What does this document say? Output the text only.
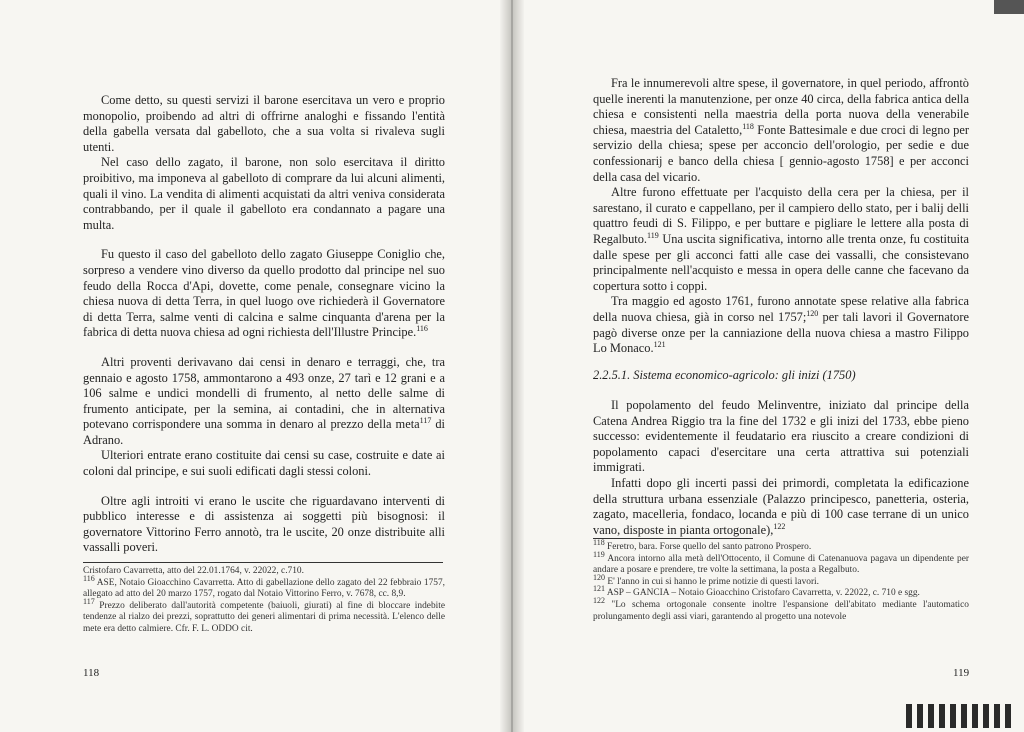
Come detto, su questi servizi il barone esercitava un vero e proprio monopolio, proibendo ad altri di offrirne analoghi e fissando l'entità della gabella versata dal gabelloto, che a sua volta si rivaleva sugli utenti.

Nel caso dello zagato, il barone, non solo esercitava il diritto proibitivo, ma imponeva al gabelloto di comprare da lui alcuni alimenti, quali il vino. La vendita di alimenti acquistati da altri veniva considerata contrabbando, per il quale il gabelloto era condannato a pagare una multa.

Fu questo il caso del gabelloto dello zagato Giuseppe Coniglio che, sorpreso a vendere vino diverso da quello prodotto dal principe nel suo feudo della Rocca d'Api, dovette, come penale, consegnare vicino la chiesa nuova di detta Terra, in quel luogo ove richiederà il Governatore di detta Terra, salme venti di calcina e salme cinquanta d'arena per la fabrica di detta nuova chiesa ad ogni richiesta dell'Illustre Principe.$^{116}$

Altri proventi derivavano dai censi in denaro e terraggi, che, tra gennaio e agosto 1758, ammontarono a 493 onze, 27 tarì e 12 grani e a 106 salme e undici mondelli di frumento, al netto delle salme di frumento anticipate, per la semina, ai contadini, che in alternativa potevano corrispondere una somma in denaro al prezzo della meta$^{117}$ di Adrano.

Ulteriori entrate erano costituite dai censi su case, costruite e date ai coloni dal principe, e sui suoli edificati dagli stessi coloni.

Oltre agli introiti vi erano le uscite che riguardavano interventi di pubblico interesse e di assistenza ai soggetti più bisognosi: il governatore Vittorino Ferro annotò, tra le uscite, 20 onze distribuite alli vassalli poveri.

Cristofaro Cavarretta, atto del 22.01.1764, v. 22022, c.710.
$^{116}$ ASE, Notaio Gioacchino Cavarretta. Atto di gabellazione dello zagato del 22 febbraio 1757, allegato ad atto del 20 marzo 1757, rogato dal Notaio Vittorino Ferro, v. 7678, cc. 8,9.
$^{117}$ Prezzo deliberato dall'autorità competente (baiuoli, giurati) al fine di bloccare indebite tendenze al rialzo dei prezzi, soprattutto dei generi alimentari di prima necessità. L'elenco delle mete era detto calmiere. Cfr. F. L. ODDO cit.
118

Fra le innumerevoli altre spese, il governatore, in quel periodo, affrontò quelle inerenti la manutenzione, per onze 40 circa, della fabrica antica della chiesa e consistenti nella maestria della porta nuova della venerabile chiesa, maestria del Cataletto,$^{118}$ Fonte Battesimale e due croci di legno per servizio della chiesa; spese per acconcio dell'orologio, per sedie e due confessionarij e banco della chiesa [ gennio-agosto 1758] e per acconci della casa del vicario.

Altre furono effettuate per l'acquisto della cera per la chiesa, per il sarestano, il curato e cappellano, per il campiero dello stato, per i balij delli quattro feudi di S. Filippo, e per buttare e pigliare le lettere alla posta di Regalbuto.$^{119}$ Una uscita significativa, intorno alle trenta onze, fu costituita dalle spese per gli acconci fatti alle case dei vassalli, che consistevano principalmente nell'acquisto e messa in opera delle canne che facevano da copertura sotto i coppi.

Tra maggio ed agosto 1761, furono annotate spese relative alla fabrica della nuova chiesa, già in corso nel 1757;$^{120}$ per tali lavori il Governatore pagò diverse onze per la canniazione della nuova chiesa a mastro Filippo Lo Monaco.$^{121}$

2.2.5.1. Sistema economico-agricolo: gli inizi (1750)

Il popolamento del feudo Melinventre, iniziato dal principe della Catena Andrea Riggio tra la fine del 1732 e gli inizi del 1733, ebbe pieno successo: evidentemente il feudatario era riuscito a creare condizioni di popolamento capaci d'esercitare una certa attrattiva sui potenziali immigrati.

Infatti dopo gli incerti passi dei primordi, completata la edificazione della struttura urbana essenziale (Palazzo principesco, panetteria, osteria, zagato, macelleria, fondaco, locanda e più di 100 case terrane di un unico vano, disposte in pianta ortogonale),$^{122}$

$^{118}$ Feretro, bara. Forse quello del santo patrono Prospero.
$^{119}$ Ancora intorno alla metà dell'Ottocento, il Comune di Catenanuova pagava un dipendente per andare a posare e prendere, tre volte la settimana, la posta a Regalbuto.
$^{120}$ E' l'anno in cui si hanno le prime notizie di questi lavori.
$^{121}$ ASP – GANCIA – Notaio Gioacchino Cristofaro Cavarretta, v. 22022, c. 710 e sgg.
$^{122}$ "Lo schema ortogonale consente inoltre l'espansione dell'abitato mediante l'automatico prolungamento degli assi viari, garantendo al progetto una notevole
119
